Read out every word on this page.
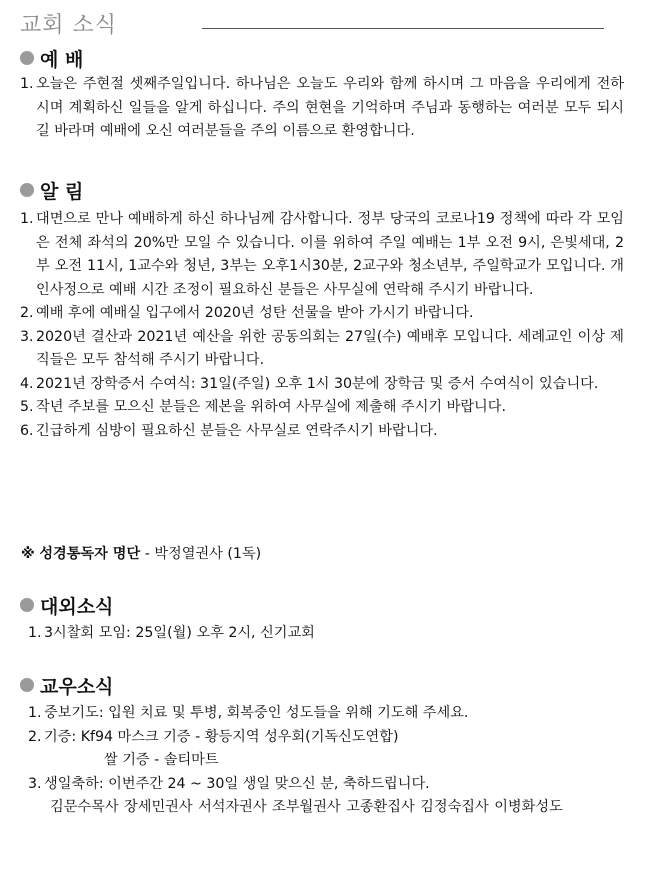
교회 소식
예 배
1. 오늘은 주현절 셋째주일입니다. 하나님은 오늘도 우리와 함께 하시며 그 마음을 우리에게 전하시며 계획하신 일들을 알게 하십니다. 주의 현현을 기억하며 주님과 동행하는 여러분 모두 되시길 바라며 예배에 오신 여러분들을 주의 이름으로 환영합니다.
알 림
1. 대면으로 만나 예배하게 하신 하나님께 감사합니다. 정부 당국의 코로나19 정책에 따라 각 모임은 전체 좌석의 20%만 모일 수 있습니다. 이를 위하여 주일 예배는 1부 오전 9시, 은빛세대, 2부 오전 11시, 1교수와 청년, 3부는 오후1시30분, 2교구와 청소년부, 주일학교가 모입니다. 개인사정으로 예배 시간 조정이 필요하신 분들은 사무실에 연락해 주시기 바랍니다.
2. 예배 후에 예배실 입구에서 2020년 성탄 선물을 받아 가시기 바랍니다.
3. 2020년 결산과 2021년 예산을 위한 공동의회는 27일(수) 예배후 모입니다. 세례교인 이상 제직들은 모두 참석해 주시기 바랍니다.
4. 2021년 장학증서 수여식: 31일(주일) 오후 1시 30분에 장학금 및 증서 수여식이 있습니다.
5. 작년 주보를 모으신 분들은 제본을 위하여 사무실에 제출해 주시기 바랍니다.
6. 긴급하게 심방이 필요하신 분들은 사무실로 연락주시기 바랍니다.
※ 성경통독자 명단 - 박정열권사 (1독)
대외소식
1. 3시찰회 모임: 25일(월) 오후 2시, 신기교회
교우소식
1. 중보기도: 입원 치료 및 투병, 회복중인 성도들을 위해 기도해 주세요.
2. 기증: Kf94 마스크 기증 - 황등지역 성우회(기독신도연합)
쌀 기증 - 솔티마트
3. 생일축하: 이번주간 24 ~ 30일 생일 맞으신 분, 축하드립니다.
김문수목사 장세민권사 서석자권사 조부월권사 고종환집사 김정숙집사 이병화성도
